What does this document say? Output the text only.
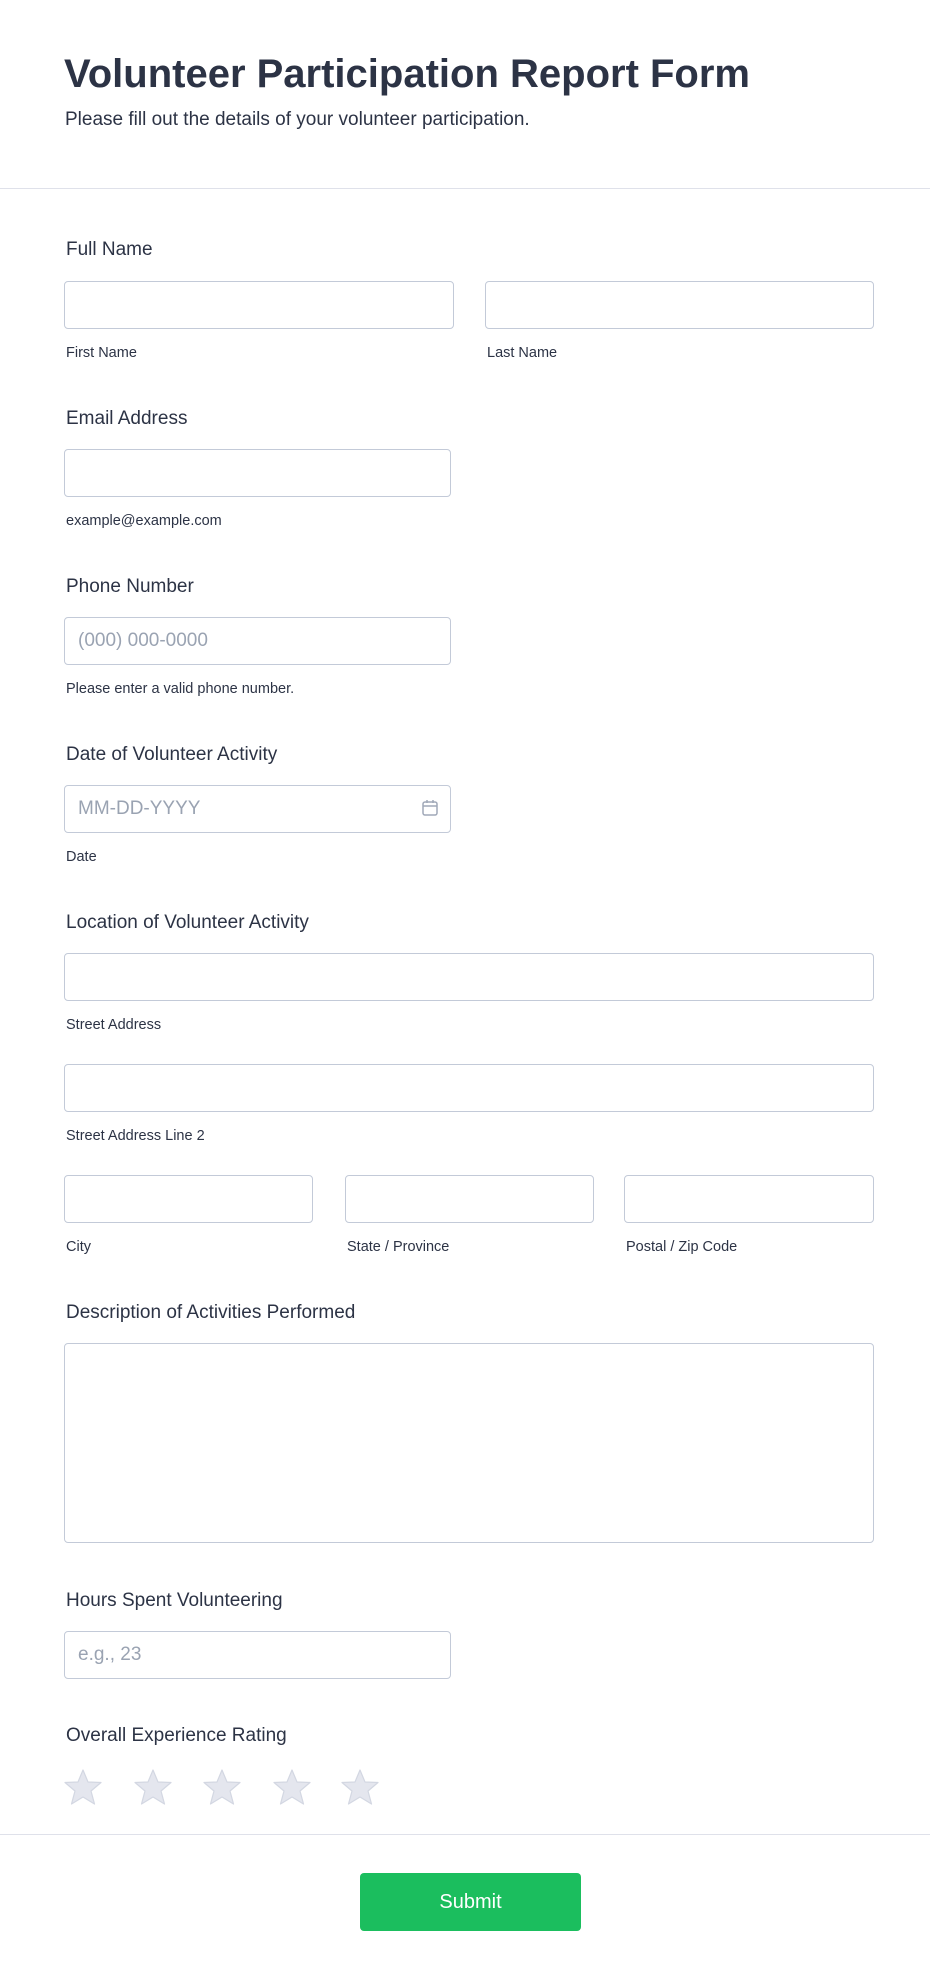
Volunteer Participation Report Form
Please fill out the details of your volunteer participation.
Full Name
First Name	Last Name
Email Address
example@example.com
Phone Number
(000) 000-0000
Please enter a valid phone number.
Date of Volunteer Activity
MM-DD-YYYY
Date
Location of Volunteer Activity
Street Address
Street Address Line 2
City	State / Province	Postal / Zip Code
Description of Activities Performed
Hours Spent Volunteering
e.g., 23
Overall Experience Rating
Submit
